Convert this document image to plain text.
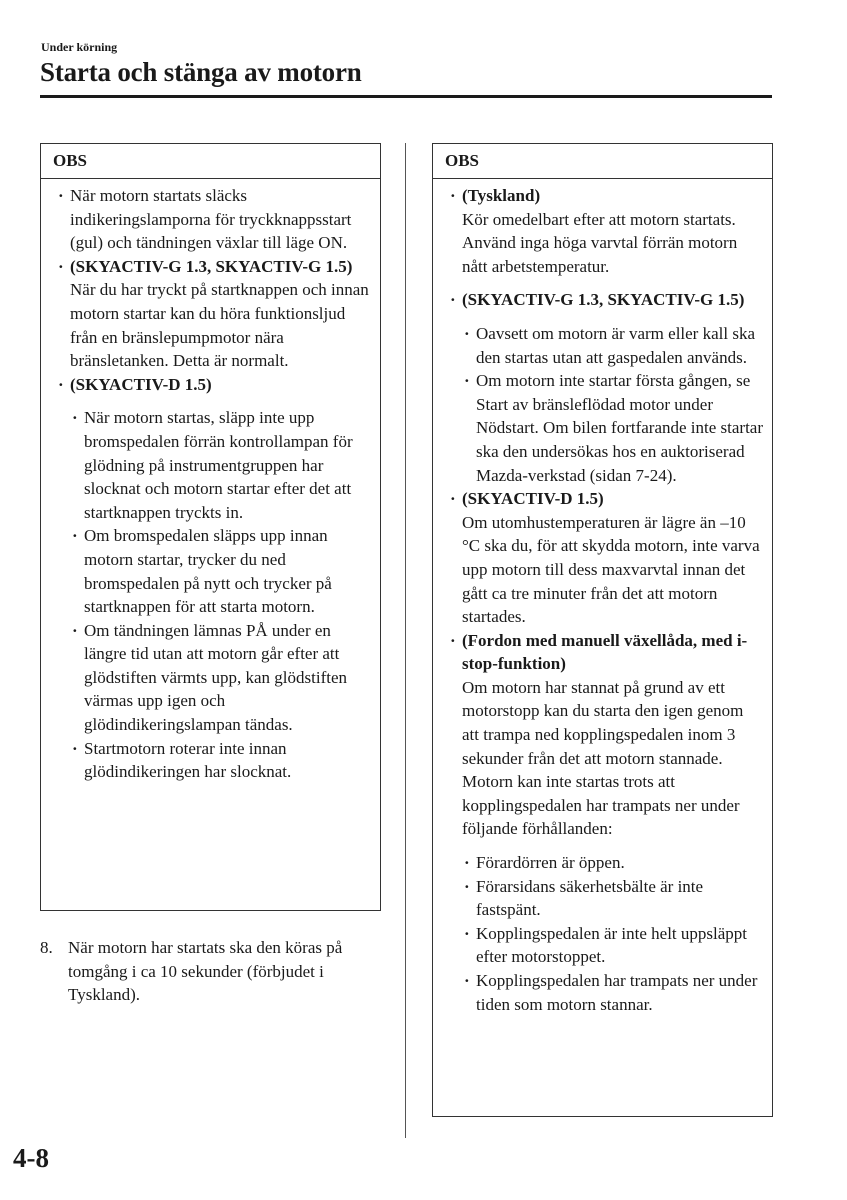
Under körning
Starta och stänga av motorn
OBS
· När motorn startats släcks indikeringslamporna för tryckknappsstart (gul) och tändningen växlar till läge ON.
· (SKYACTIV-G 1.3, SKYACTIV-G 1.5)
När du har tryckt på startknappen och innan motorn startar kan du höra funktionsljud från en bränslepumpmotor nära bränsletanken. Detta är normalt.
· (SKYACTIV-D 1.5)
· När motorn startas, släpp inte upp bromspedalen förrän kontrollampan för glödning på instrumentgruppen har slocknat och motorn startar efter det att startknappen tryckts in.
· Om bromspedalen släpps upp innan motorn startar, trycker du ned bromspedalen på nytt och trycker på startknappen för att starta motorn.
· Om tändningen lämnas PÅ under en längre tid utan att motorn går efter att glödstiften värmts upp, kan glödstiften värmas upp igen och glödindikeringslampan tändas.
· Startmotorn roterar inte innan glödindikeringen har slocknat.
8. När motorn har startats ska den köras på tomgång i ca 10 sekunder (förbjudet i Tyskland).
OBS
· (Tyskland)
Kör omedelbart efter att motorn startats. Använd inga höga varvtal förrän motorn nått arbetstemperatur.
· (SKYACTIV-G 1.3, SKYACTIV-G 1.5)
· Oavsett om motorn är varm eller kall ska den startas utan att gaspedalen används.
· Om motorn inte startar första gången, se Start av bränsleflödad motor under Nödstart. Om bilen fortfarande inte startar ska den undersökas hos en auktoriserad Mazda-verkstad (sidan 7-24).
· (SKYACTIV-D 1.5)
Om utomhustemperaturen är lägre än –10 °C ska du, för att skydda motorn, inte varva upp motorn till dess maxvarvtal innan det gått ca tre minuter från det att motorn startades.
· (Fordon med manuell växellåda, med i-stop-funktion)
Om motorn har stannat på grund av ett motorstopp kan du starta den igen genom att trampa ned kopplingspedalen inom 3 sekunder från det att motorn stannade.
Motorn kan inte startas trots att kopplingspedalen har trampats ner under följande förhållanden:
· Förardörren är öppen.
· Förarsidans säkerhetsbälte är inte fastspänt.
· Kopplingspedalen är inte helt uppsläppt efter motorstoppet.
· Kopplingspedalen har trampats ner under tiden som motorn stannar.
4-8
